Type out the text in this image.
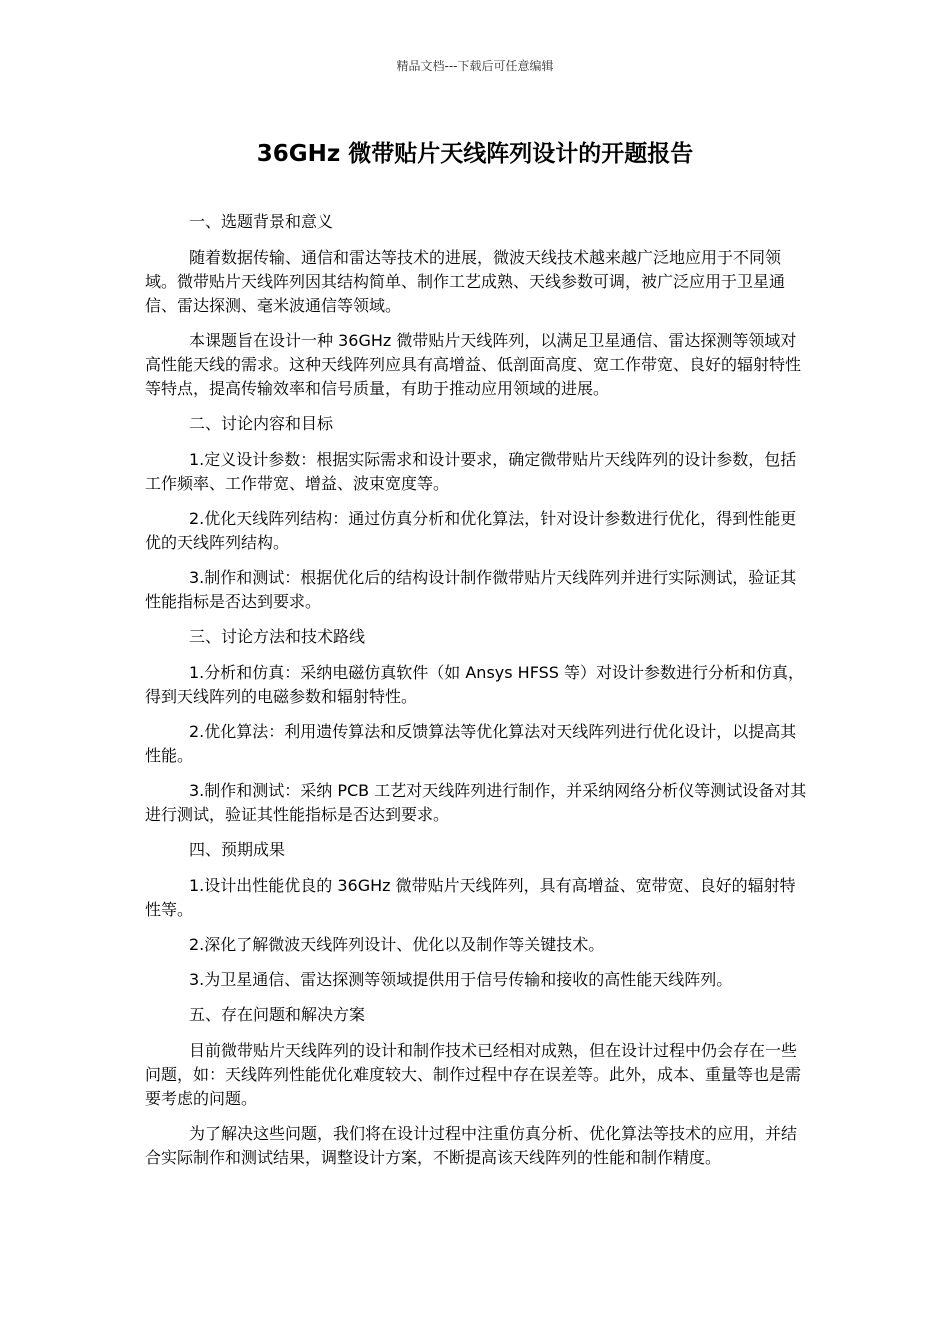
精品文档---下载后可任意编辑
36GHz 微带贴片天线阵列设计的开题报告

一、选题背景和意义

随着数据传输、通信和雷达等技术的进展，微波天线技术越来越广泛地应用于不同领域。微带贴片天线阵列因其结构简单、制作工艺成熟、天线参数可调，被广泛应用于卫星通信、雷达探测、毫米波通信等领域。

本课题旨在设计一种 36GHz 微带贴片天线阵列，以满足卫星通信、雷达探测等领域对高性能天线的需求。这种天线阵列应具有高增益、低剖面高度、宽工作带宽、良好的辐射特性等特点，提高传输效率和信号质量，有助于推动应用领域的进展。

二、讨论内容和目标

1.定义设计参数：根据实际需求和设计要求，确定微带贴片天线阵列的设计参数，包括工作频率、工作带宽、增益、波束宽度等。

2.优化天线阵列结构：通过仿真分析和优化算法，针对设计参数进行优化，得到性能更优的天线阵列结构。

3.制作和测试：根据优化后的结构设计制作微带贴片天线阵列并进行实际测试，验证其性能指标是否达到要求。

三、讨论方法和技术路线

1.分析和仿真：采纳电磁仿真软件（如 Ansys HFSS 等）对设计参数进行分析和仿真，得到天线阵列的电磁参数和辐射特性。

2.优化算法：利用遗传算法和反馈算法等优化算法对天线阵列进行优化设计，以提高其性能。

3.制作和测试：采纳 PCB 工艺对天线阵列进行制作，并采纳网络分析仪等测试设备对其进行测试，验证其性能指标是否达到要求。

四、预期成果

1.设计出性能优良的 36GHz 微带贴片天线阵列，具有高增益、宽带宽、良好的辐射特性等。

2.深化了解微波天线阵列设计、优化以及制作等关键技术。

3.为卫星通信、雷达探测等领域提供用于信号传输和接收的高性能天线阵列。

五、存在问题和解决方案

目前微带贴片天线阵列的设计和制作技术已经相对成熟，但在设计过程中仍会存在一些问题，如：天线阵列性能优化难度较大、制作过程中存在误差等。此外，成本、重量等也是需要考虑的问题。

为了解决这些问题，我们将在设计过程中注重仿真分析、优化算法等技术的应用，并结合实际制作和测试结果，调整设计方案，不断提高该天线阵列的性能和制作精度。
